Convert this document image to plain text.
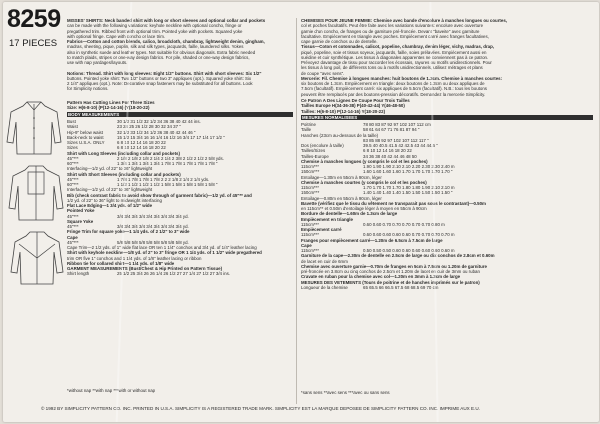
8259
17 PIECES
MISSES' SHIRTS: Neck banded shirt with long or short sleeves and optional collar and pockets
can be made with the following variations: keyhole neckline with optional concho, fringe or
pregathered trim. Ribbed front with optional trim. Pointed yoke with pockets. Squared yoke
with optional fringe. Cape with concho or lace trim.
Fabrics—Cotton and cotton blends, calico, broadcloth, chambray, lightweight denim, gingham,
madras, sheeting, pique, poplin, silk and silk types, jacquards, faille, laundered silks. Yokes
also in synthetic suede and leather types. Not suitable for obvious diagonals. Extra fabric needed
to match plaids, stripes or one-way design fabrics. For pile, shaded or one-way design fabrics,
use with nap yardages/layouts.
Notions: Thread. Shirt with long sleeves: Eight 1/2" buttons. Shirt with short sleeves: Six 1/2"
buttons. Pointed yoke shirt: Two 1/2" buttons or two 3" appliques (opt.). Squared yoke shirt: Six
2 1/4" appliques (opt.). Note: Decorative snap fasteners may be substituted for all buttons. Look
for Simplicity notions.
Pattern Has Cutting Lines For Three Sizes
Size: H(6-8-10) (P(12-14-16) (Y(18-20-22)
BODY MEASUREMENTS
Bust	30 1/2 31 1/2 32 1/2 34 36 38 40 42 44 ins.
Waist	23 24 25 26 1/2 28 30 32 34 37 "
Hip-9" below waist	32 1/2 33 1/2 34 1/2 36 38 40 42 44 46 "
Back-neck to waist	15 1/2 15 3/4 16 16 1/4 16 1/2 16 3/4 17 17 1/4 17 1/2 "
Sizes U.S.A. ONLY	6 8 10 12 14 16 18 20 22
Sizes	6 8 10 12 14 16 18 20 22
Shirt with Long Sleeves (including collar and pockets)
45"***	2 1/8 2 1/8 2 1/8 2 1/4 2 1/4 2 3/8 2 1/2 2 1/2 2 5/8 yds.
60"***	1 3/4 1 3/4 1 3/4 1 3/4 1 7/8 1 7/8 1 7/8 1 7/8 1 7/8 "
Interfacing—1/2 yd. of 22" to 36" lightweight
Shirt with Short Sleeves (including collar and pockets)
45"***	1 7/8 1 7/8 1 7/8 1 7/8 2 2 2 1/8 2 1/4 2 1/4 yds.
60"***	1 1/2 1 1/2 1 1/2 1 1/2 1 5/8 1 5/8 1 5/8 1 5/8 1 5/8 "
Interfacing—1/2 yd. of 22" to 36" lightweight
Bib (check contrast fabric to avoid show through of garment fabric)—1/2 yd. of 45"** and
1/2 yd. of 22" to 36" light to midweight interfacing
Flat Lace Edging—1 3/4 yds. of 1/2" wide
Pointed Yoke
45"***	3/4 3/4 3/4 3/4 3/4 3/4 3/4 3/4 3/4 yd.
Square Yoke
45"***	3/4 3/4 3/4 3/4 3/4 3/4 3/4 3/4 3/4 yd.
Fringe Trim for square yoke—1 1/4 yds. of 2 1/2" to 3" wide
Cape
45"***	5/8 5/8 5/8 5/8 5/8 5/8 5/8 5/8 5/8 yd.
Cape Trim—2 1/2 yds. of 1" wide flat lace OR ten 1 1/4" conchos and 3/4 yd. of 1/4" leather lacing
Shirt with keyhole neckline—1/8 yd. of 2" to 3" fringe OR 1 1/4 yds. of 1 1/2" wide pregathered
trim OR five 1" conchos and 1 1/4 yds. of 1/8" leather lacing or ribbon
Ribbon tie for collared shirt—1 1/4 yds. of 1/8" wide
GARMENT MEASUREMENTS (Bust/Chest & Hip Printed on Pattern Tissue)
Shirt length	25 1/2 25 3/4 26 26 1/4 26 1/2 27 27 1/4 27 1/2 27 3/4 ins.
*without nap **with nap ***with or without nap
CHEMISES POUR JEUNE FEMME: Chemise avec bande d'encolure à manches longues ou courtes,
col et poches facultatifs. Peut être faite avec les variations suivantes: encolure avec ouverture
garnie d'un concho, de franges ou de garniture pré-froncée. Devant "baveite" avec garniture
facultative. Empiècement en triangle avec poches. Empiècement carré avec franges facultatives,
cape garnie de conchos ou de dentelle.
Tissus—Coton et cotonnades, calicot, popeline, chambray, denim léger, vichy, madras, drap,
piqué, popeline, soie et tissus soyeux, jacquards, faille, soies prélavées. Empiècement aussi en
suédine et cuir synthétique. Les tissus à diagonales apparentes ne conviennent pas à ce patron.
Prévoyez davantage de tissu pour raccorder les écossais, rayures ou motifs unidirectionnels. Pour
les tissus à long poil, de différents tons ou à motifs unidirectionnels, utilisez métrages et plans
de coupe "avec sens".
Mercerie: Fil. Chemise à longues manches: huit boutons de 1.3cm. Chemise à manches courtes:
six boutons de 1.3cm. Empiècement en triangle: deux boutons de 1.3cm ou deux appliques de
7.5cm (facultatif). Empiècement carré: six appliques de 5.5cm (facultatif). N.B.: tous les boutons
peuvent être remplacés par des boutons-pression décoratifs. Demandez la mercerie Simplicity.
Ce Patron A Des Lignes De Coupe Pour Trois Tailles
Tailles Europe H(34-36-38) P(40-42-44) Y(46-48-50)
Tailles: H(6-8-10) P(12-14-16) Y(18-20-22)
MESURES NORMALISEES
Poitrine	78 80 83 87 92 97 102 107 112 cm
Taille	58 61 64 67 71 76 81 87 94 "
Hanches (23cm au-dessous de la taille)
83 85 88 92 97 102 107 112 117 "
Dos (encolure à taille)	39.5 40 40.5 41.5 42 42.5 43 44 44.5 "
Tailles/Sizes	6 8 10 12 14 16 18 20 22
Tailles-Europe	34 36 38 40 42 44 46 48 50
Chemise à manches longues (y compris le col et les poches)
115cm***	1.90 1.90 1.90 2.10 2.10 2.20 2.30 2.30 2.40 m
150cm***	1.60 1.60 1.60 1.60 1.70 1.70 1.70 1.70 1.70 "
Entoilage—1.30m en 55cm à 90cm, léger
Chemise à manches courtes (y compris le col et les poches)
115cm***	1.70 1.70 1.70 1.70 1.80 1.80 1.90 2.10 2.10 m
150cm***	1.40 1.40 1.40 1.40 1.50 1.50 1.50 1.50 1.50 "
Entoilage—0.80m en 55cm à 90cm, léger
Bavette (vérifiez que le tissu du vêtement ne transparait pas sous le contrastant)—0.50m
en 115cm** et 0.50m d'entoilage léger à moyen en 55cm à 90cm
Bordure de dentelle—1.60m de 1.3cm de large
Empiècement en triangle
115cm***	0.60 0.60 0.70 0.70 0.70 0.70 0.70 0.80 m
Empiècement carré
115cm***	0.60 0.60 0.60 0.60 0.60 0.70 0.70 0.70 0.70 m
Franges pour empiècement carré—1.20m de 6.5cm à 7.5cm de large
Cape
115cm***	0.50 0.50 0.50 0.60 0.60 0.60 0.60 0.60 0.60 m
Garniture de la cape—2.30m de dentelle en 2.5cm de large ou dix conchos de 2.8cm et 0.60m
de lacet en cuir de 6mm
Chemise avec ouverture garnie—0.70m de franges en 5cm à 7.5cm ou 1.20m de garniture
pré-froncée en 3.8cm ou cinq conchos de 2.5cm et 1.20m de lacet en cuir de 3mm ou ruban
Cravate en ruban pour la chemise avec col—1.20m en 3mm à 1.3cm de large
MESURES DES VETEMENTS (Tours de poitrine et de hanches imprimés sur le patron)
Longueur de la chemise	65 65.5 66 66.5 67.5 68 68.5 69 70 cm
*sans sens **avec sens ***avec ou sans sens
© 1992 BY SIMPLICITY PATTERN CO. INC. PRINTED IN U.S.A. SIMPLICITY IS A REGISTERED TRADE MARK. SIMPLICITY EST LA MARQUE DEPOSEE DE SIMPLICITY PATTERN CO. INC. IMPRIME AUX E.U.
